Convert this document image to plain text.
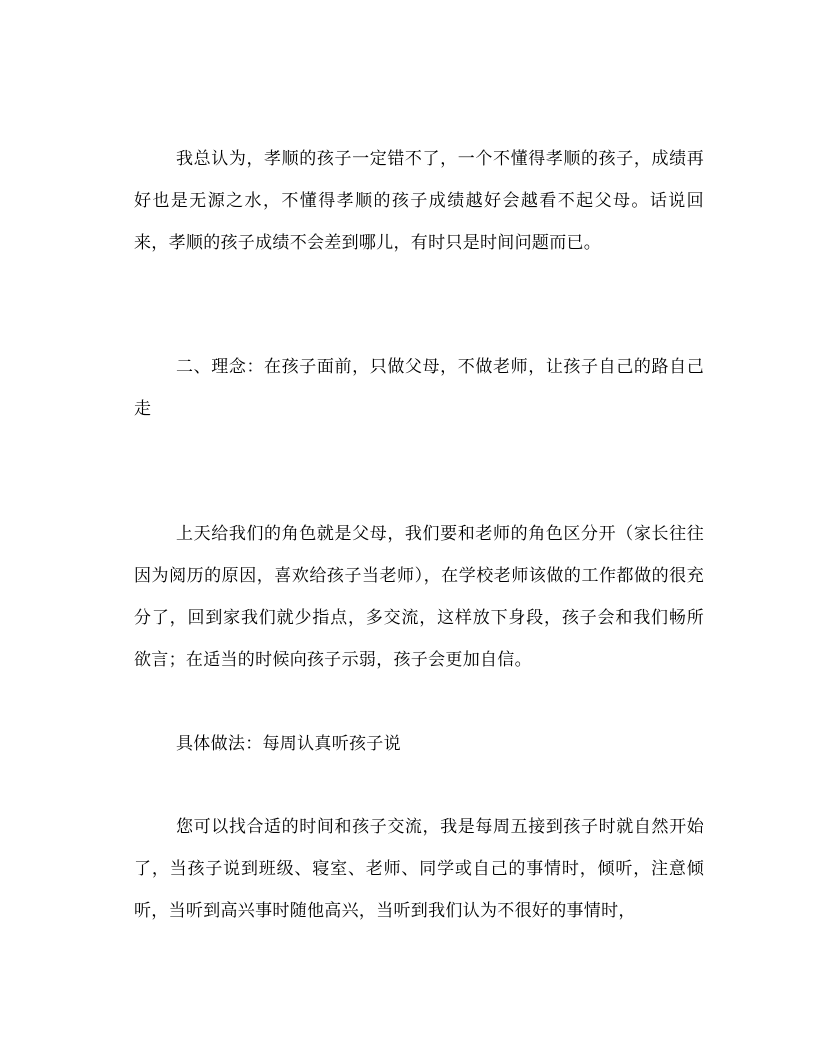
我总认为，孝顺的孩子一定错不了，一个不懂得孝顺的孩子，成绩再好也是无源之水，不懂得孝顺的孩子成绩越好会越看不起父母。话说回来，孝顺的孩子成绩不会差到哪儿，有时只是时间问题而已。

二、理念：在孩子面前，只做父母，不做老师，让孩子自己的路自己走

上天给我们的角色就是父母，我们要和老师的角色区分开（家长往往因为阅历的原因，喜欢给孩子当老师），在学校老师该做的工作都做的很充分了，回到家我们就少指点，多交流，这样放下身段，孩子会和我们畅所欲言；在适当的时候向孩子示弱，孩子会更加自信。

具体做法：每周认真听孩子说

您可以找合适的时间和孩子交流，我是每周五接到孩子时就自然开始了，当孩子说到班级、寝室、老师、同学或自己的事情时，倾听，注意倾听，当听到高兴事时随他高兴，当听到我们认为不很好的事情时，
